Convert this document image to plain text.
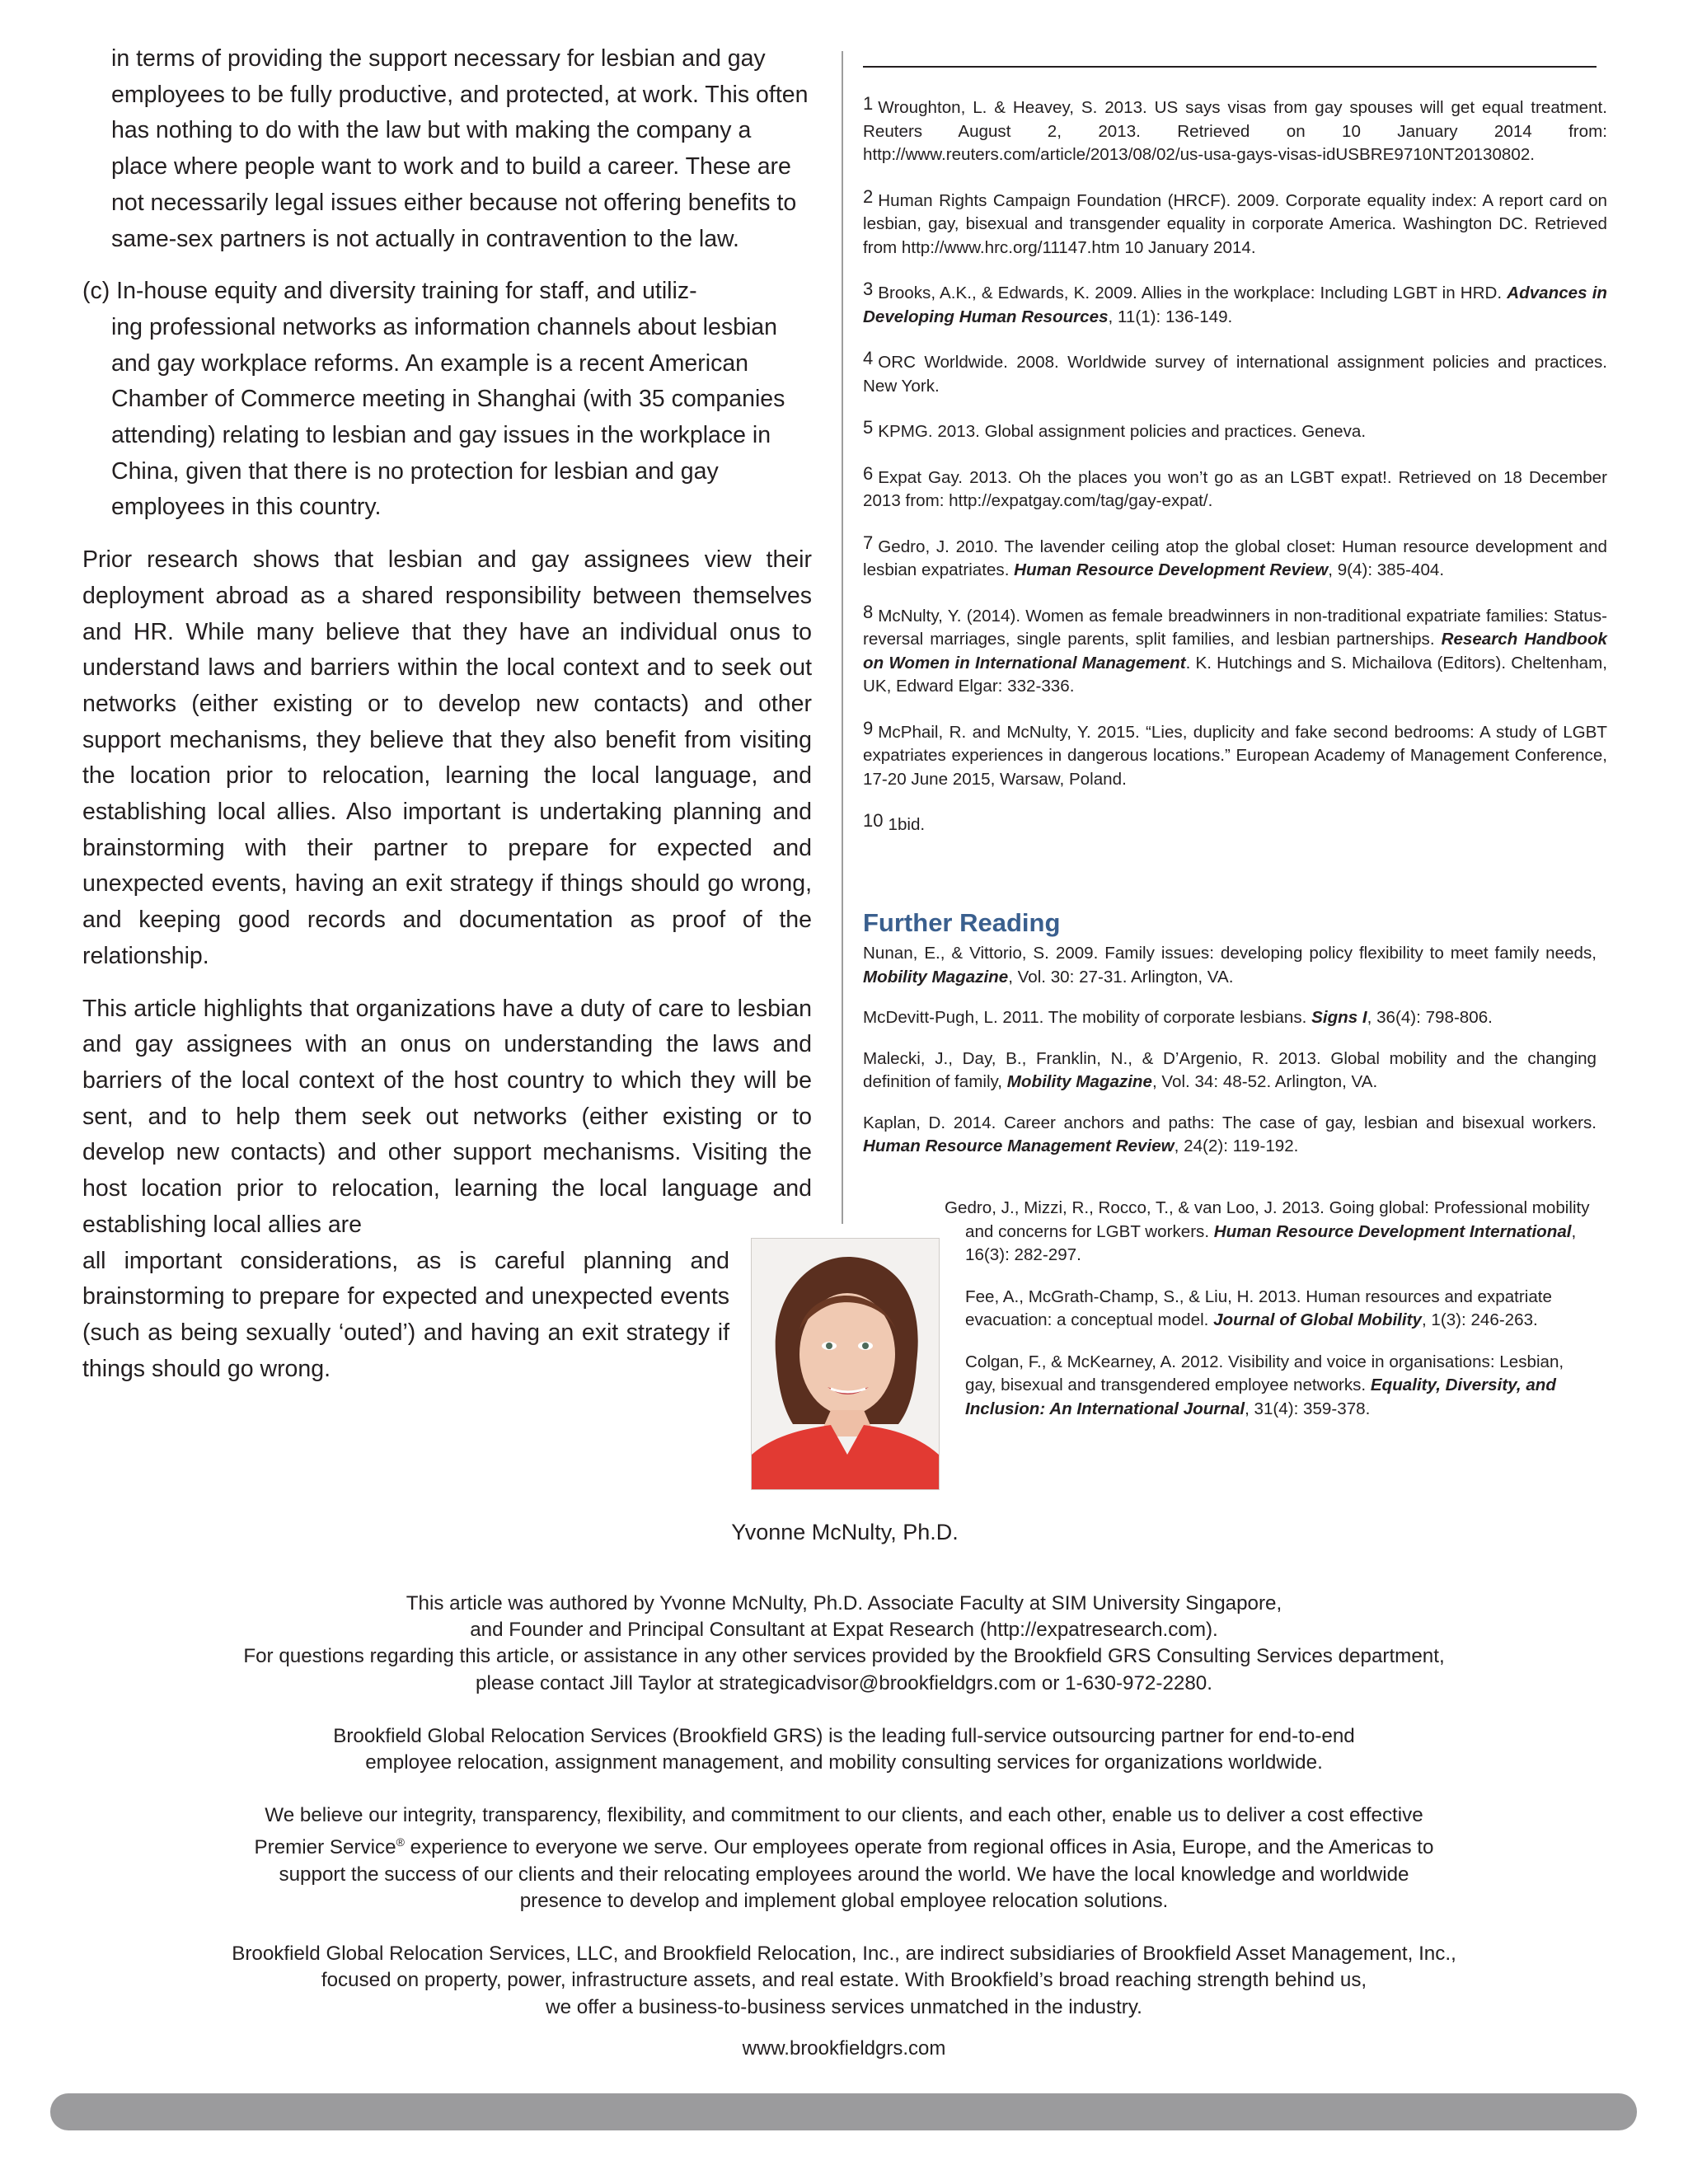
in terms of providing the support necessary for lesbian and gay employees to be fully productive, and protected, at work. This often has nothing to do with the law but with making the company a place where people want to work and to build a career. These are not necessarily legal issues either because not offering benefits to same-sex partners is not actually in contravention to the law.

(c) In-house equity and diversity training for staff, and utiliz-
ing professional networks as information channels about lesbian and gay workplace reforms. An example is a recent American Chamber of Commerce meeting in Shanghai (with 35 companies attending) relating to lesbian and gay issues in the workplace in China, given that there is no protection for lesbian and gay employees in this country.

Prior research shows that lesbian and gay assignees view their deployment abroad as a shared responsibility between themselves and HR. While many believe that they have an individual onus to understand laws and barriers within the local context and to seek out networks (either existing or to develop new contacts) and other support mechanisms, they believe that they also benefit from visiting the location prior to relocation, learning the local language, and establishing local allies. Also important is undertaking planning and brainstorming with their partner to prepare for expected and unexpected events, having an exit strategy if things should go wrong, and keeping good records and documentation as proof of the relationship.

This article highlights that organizations have a duty of care to lesbian and gay assignees with an onus on understanding the laws and barriers of the local context of the host country to which they will be sent, and to help them seek out networks (either existing or to develop new contacts) and other support mechanisms. Visiting the host location prior to relocation, learning the local language and establishing local allies are

all important considerations, as is careful planning and brainstorming to prepare for expected and unexpected events (such as being sexually ‘outed’) and having an exit strategy if things should go wrong.

$^1$ Wroughton, L. & Heavey, S. 2013. US says visas from gay spouses will get equal treatment. Reuters August 2, 2013. Retrieved on 10 January 2014 from: http://www.reuters.com/article/2013/08/02/us-usa-gays-visas-idUSBRE9710NT20130802.

$^2$ Human Rights Campaign Foundation (HRCF). 2009. Corporate equality index: A report card on lesbian, gay, bisexual and transgender equality in corporate America. Washington DC. Retrieved from http://www.hrc.org/11147.htm 10 January 2014.

$^3$ Brooks, A.K., & Edwards, K. 2009. Allies in the workplace: Including LGBT in HRD. Advances in Developing Human Resources, 11(1): 136-149.

$^4$ ORC Worldwide. 2008. Worldwide survey of international assignment policies and practices. New York.

$^5$ KPMG. 2013. Global assignment policies and practices. Geneva.

$^6$ Expat Gay. 2013. Oh the places you won’t go as an LGBT expat!. Retrieved on 18 December 2013 from: http://expatgay.com/tag/gay-expat/.

$^7$ Gedro, J. 2010. The lavender ceiling atop the global closet: Human resource development and lesbian expatriates. Human Resource Development Review, 9(4): 385-404.

$^8$ McNulty, Y. (2014). Women as female breadwinners in non-traditional expatriate families: Status-reversal marriages, single parents, split families, and lesbian partnerships. Research Handbook on Women in International Management. K. Hutchings and S. Michailova (Editors). Cheltenham, UK, Edward Elgar: 332-336.

$^9$ McPhail, R. and McNulty, Y. 2015. “Lies, duplicity and fake second bedrooms: A study of LGBT expatriates experiences in dangerous locations.” European Academy of Management Conference, 17-20 June 2015, Warsaw, Poland.

$^{10}$ 1bid.

Further Reading

Nunan, E., & Vittorio, S. 2009. Family issues: developing policy flexibility to meet family needs, Mobility Magazine, Vol. 30: 27-31. Arlington, VA.

McDevitt-Pugh, L. 2011. The mobility of corporate lesbians. Signs I, 36(4): 798-806.

Malecki, J., Day, B., Franklin, N., & D’Argenio, R. 2013. Global mobility and the changing definition of family, Mobility Magazine, Vol. 34: 48-52. Arlington, VA.

Kaplan, D. 2014. Career anchors and paths: The case of gay, lesbian and bisexual workers. Human Resource Management Review, 24(2): 119-192.

Gedro, J., Mizzi, R., Rocco, T., & van Loo, J. 2013. Going global: Professional mobility and concerns for LGBT workers. Human Resource Development International, 16(3): 282-297.

Fee, A., McGrath-Champ, S., & Liu, H. 2013. Human resources and expatriate evacuation: a conceptual model. Journal of Global Mobility, 1(3): 246-263.

Colgan, F., & McKearney, A. 2012. Visibility and voice in organisations: Lesbian, gay, bisexual and transgendered employee networks. Equality, Diversity, and Inclusion: An International Journal, 31(4): 359-378.

Yvonne McNulty, Ph.D.

This article was authored by Yvonne McNulty, Ph.D. Associate Faculty at SIM University Singapore,
and Founder and Principal Consultant at Expat Research (http://expatresearch.com).
For questions regarding this article, or assistance in any other services provided by the Brookfield GRS Consulting Services department,
please contact Jill Taylor at strategicadvisor@brookfieldgrs.com or 1-630-972-2280.

Brookfield Global Relocation Services (Brookfield GRS) is the leading full-service outsourcing partner for end-to-end
employee relocation, assignment management, and mobility consulting services for organizations worldwide.

We believe our integrity, transparency, flexibility, and commitment to our clients, and each other, enable us to deliver a cost effective
Premier Service® experience to everyone we serve. Our employees operate from regional offices in Asia, Europe, and the Americas to
support the success of our clients and their relocating employees around the world. We have the local knowledge and worldwide
presence to develop and implement global employee relocation solutions.

Brookfield Global Relocation Services, LLC, and Brookfield Relocation, Inc., are indirect subsidiaries of Brookfield Asset Management, Inc.,
focused on property, power, infrastructure assets, and real estate. With Brookfield’s broad reaching strength behind us,
we offer a business-to-business services unmatched in the industry.

www.brookfieldgrs.com
